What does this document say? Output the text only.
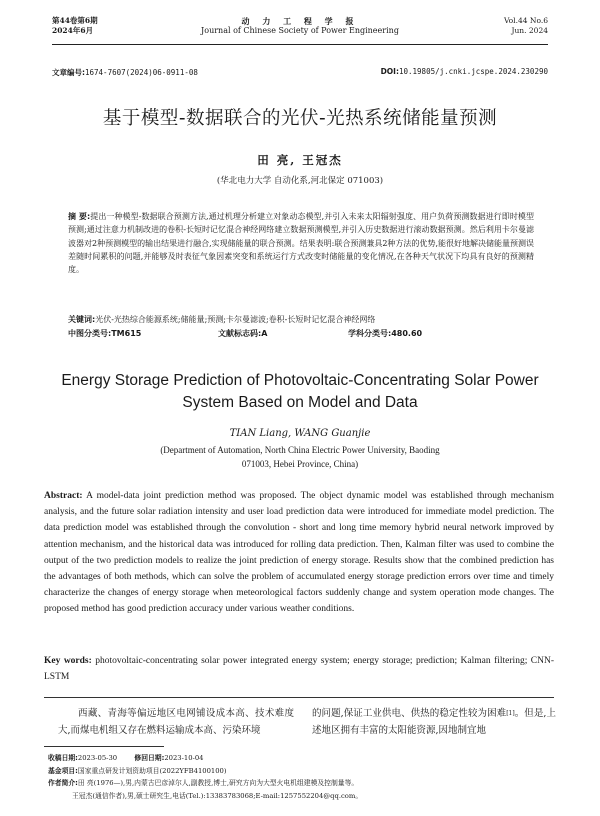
第44卷第6期
2024年6月
动 力 工 程 学 报
Journal of Chinese Society of Power Engineering
Vol.44 No.6
Jun. 2024
文章编号:1674-7607(2024)06-0911-08	DOI:10.19805/j.cnki.jcspe.2024.230290
基于模型-数据联合的光伏-光热系统储能量预测
田 亮, 王冠杰
(华北电力大学 自动化系,河北保定 071003)
摘 要:提出一种模型-数据联合预测方法,通过机理分析建立对象动态模型,并引入未来太阳辐射强度、用户负荷预测数据进行即时模型预测;通过注意力机制改进的卷积-长短时记忆混合神经网络建立数据预测模型,并引入历史数据进行滚动数据预测。然后利用卡尔曼滤波器对2种预测模型的输出结果进行融合,实现储能量的联合预测。结果表明:联合预测兼具2种方法的优势,能很好地解决储能量预测误差随时间累积的问题,并能够及时表征气象因素突变和系统运行方式改变时储能量的变化情况,在各种天气状况下均具有良好的预测精度。
关键词:光伏-光热综合能源系统;储能量;预测;卡尔曼滤波;卷积-长短时记忆混合神经网络
中图分类号:TM615	文献标志码:A	学科分类号:480.60
Energy Storage Prediction of Photovoltaic-Concentrating Solar Power System Based on Model and Data
TIAN Liang, WANG Guanjie
(Department of Automation, North China Electric Power University, Baoding 071003, Hebei Province, China)
Abstract: A model-data joint prediction method was proposed. The object dynamic model was established through mechanism analysis, and the future solar radiation intensity and user load prediction data were introduced for immediate model prediction. The data prediction model was established through the convolution - short and long time memory hybrid neural network improved by attention mechanism, and the historical data was introduced for rolling data prediction. Then, Kalman filter was used to combine the output of the two prediction models to realize the joint prediction of energy storage. Results show that the combined prediction has the advantages of both methods, which can solve the problem of accumulated energy storage prediction errors over time and timely characterize the changes of energy storage when meteorological factors suddenly change and system operation mode changes. The proposed method has good prediction accuracy under various weather conditions.
Key words: photovoltaic-concentrating solar power integrated energy system; energy storage; prediction; Kalman filtering; CNN-LSTM
西藏、青海等偏远地区电网铺设成本高、技术难度大,而煤电机组又存在燃料运输成本高、污染环境
的问题,保证工业供电、供热的稳定性较为困难[1]。但是,上述地区拥有丰富的太阳能资源,因地制宜地
收稿日期:2023-05-30	修回日期:2023-10-04
基金项目:国家重点研发计划资助项目(2022YFB4100100)
作者简介:田 亮(1976—),男,内蒙古巴彦淖尔人,副教授,博士,研究方向为大型火电机组建模及控制量等。
王冠杰(通信作者),男,硕士研究生,电话(Tel.):13383783068;E-mail:1257552204@qq.com。
